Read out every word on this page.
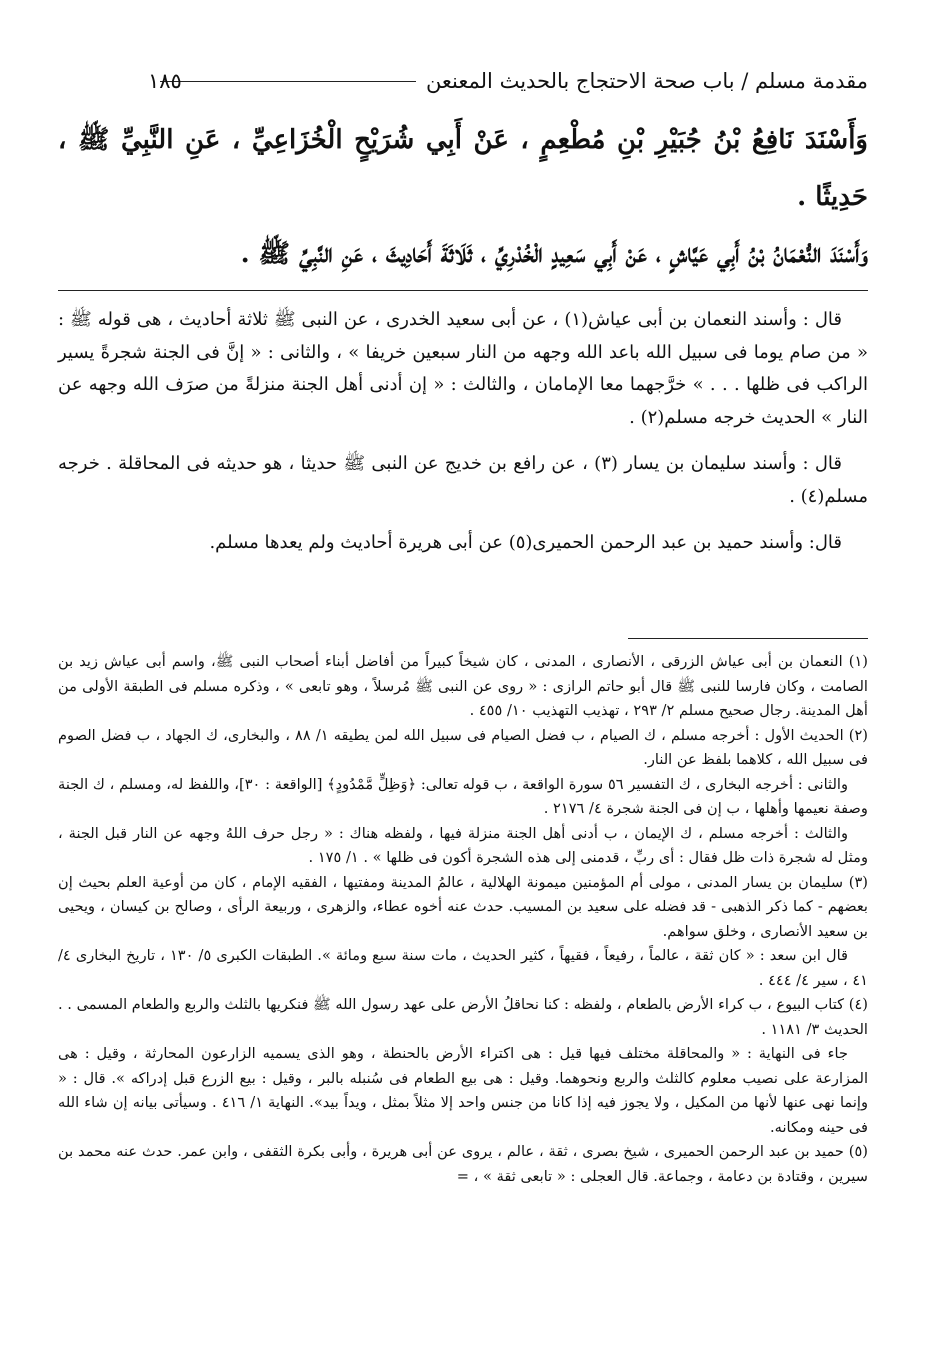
مقدمة مسلم / باب صحة الاحتجاج بالحديث المعنعن
١٨٥

وَأَسْنَدَ نَافِعُ بْنُ جُبَيْرِ بْنِ مُطْعِمٍ ، عَنْ أَبِي شُرَيْحٍ الْخُزَاعِيِّ ، عَنِ النَّبِيِّ ﷺ ، حَدِيثًا .

وَأَسْنَدَ النُّعْمَانُ بْنُ أَبِي عَيَّاشٍ ، عَنْ أَبِي سَعِيدٍ الْخُدْرِيِّ ، ثَلَاثَةَ أَحَادِيثَ ، عَنِ النَّبِيِّ ﷺ .

قال : وأسند النعمان بن أبى عياش(١) ، عن أبى سعيد الخدرى ، عن النبى ﷺ ثلاثة أحاديث ، هى قوله ﷺ : « من صام يوما فى سبيل الله باعد الله وجهه من النار سبعين خريفا » ، والثانى : « إنَّ فى الجنة شجرةً يسير الراكب فى ظلها . . . » خرَّجهما معا الإمامان ، والثالث : « إن أدنى أهل الجنة منزلةً من صرَف الله وجهه عن النار » الحديث خرجه مسلم(٢) .

قال : وأسند سليمان بن يسار (٣) ، عن رافع بن خديج عن النبى ﷺ حديثا ، هو حديثه فى المحاقلة . خرجه مسلم(٤) .

قال: وأسند حميد بن عبد الرحمن الحميرى(٥) عن أبى هريرة أحاديث ولم يعدها مسلم.

(١) النعمان بن أبى عياش الزرقى ، الأنصارى ، المدنى ، كان شيخاً كبيراً من أفاضل أبناء أصحاب النبى ﷺ، واسم أبى عياش زيد بن الصامت ، وكان فارسا للنبى ﷺ قال أبو حاتم الرازى : « روى عن النبى ﷺ مُرسلاً ، وهو تابعى » ، وذكره مسلم فى الطبقة الأولى من أهل المدينة. رجال صحيح مسلم ٢/ ٢٩٣ ، تهذيب التهذيب ١٠/ ٤٥٥ .

(٢) الحديث الأول : أخرجه مسلم ، ك الصيام ، ب فضل الصيام فى سبيل الله لمن يطيقه ١/ ٨٨ ، والبخارى، ك الجهاد ، ب فضل الصوم فى سبيل الله ، كلاهما بلفظ عن النار.

والثانى : أخرجه البخارى ، ك التفسير ٥٦ سورة الواقعة ، ب قوله تعالى: ﴿وَظِلٍّ مَّمْدُودٍ﴾ [الواقعة : ٣٠]، واللفظ له، ومسلم ، ك الجنة وصفة نعيمها وأهلها ، ب إن فى الجنة شجرة ٤/ ٢١٧٦ .

والثالث : أخرجه مسلم ، ك الإيمان ، ب أدنى أهل الجنة منزلة فيها ، ولفظه هناك : « رجل حرف اللهُ وجهه عن النار قبل الجنة ، ومثل له شجرة ذات ظل فقال : أى ربِّ ، قدمنى إلى هذه الشجرة أكون فى ظلها » . ١/ ١٧٥ .

(٣) سليمان بن يسار المدنى ، مولى أم المؤمنين ميمونة الهلالية ، عالمُ المدينة ومفتيها ، الفقيه الإمام ، كان من أوعية العلم بحيث إن بعضهم - كما ذكر الذهبى - قد فضله على سعيد بن المسيب. حدث عنه أخوه عطاء، والزهرى ، وربيعة الرأى ، وصالح بن كيسان ، ويحيى بن سعيد الأنصارى ، وخلق سواهم.

قال ابن سعد : « كان ثقة ، عالماً ، رفيعاً ، فقيهاً ، كثير الحديث ، مات سنة سبع ومائة ». الطبقات الكبرى ٥/ ١٣٠ ، تاريخ البخارى ٤/ ٤١ ، سير ٤/ ٤٤٤ .

(٤) كتاب البيوع ، ب كراء الأرض بالطعام ، ولفظه : كنا نحاقلُ الأرض على عهد رسول الله ﷺ فنكريها بالثلث والربع والطعام المسمى . . الحديث ٣/ ١١٨١ .

جاء فى النهاية : « والمحاقلة مختلف فيها قيل : هى اكتراء الأرض بالحنطة ، وهو الذى يسميه الزارعون المحارثة ، وقيل : هى المزارعة على نصيب معلوم كالثلث والربع ونحوهما. وقيل : هى بيع الطعام فى سُنبله بالبر ، وقيل : بيع الزرع قبل إدراكه ». قال : « وإنما نهى عنها لأنها من المكيل ، ولا يجوز فيه إذا كانا من جنس واحد إلا مثلاً بمثل ، ويداً بيد». النهاية ١/ ٤١٦ . وسيأتى بيانه إن شاء الله فى حينه ومكانه.

(٥) حميد بن عبد الرحمن الحميرى ، شيخ بصرى ، ثقة ، عالم ، يروى عن أبى هريرة ، وأبى بكرة الثقفى ، وابن عمر. حدث عنه محمد بن سيرين ، وقتادة بن دعامة ، وجماعة. قال العجلى : « تابعى ثقة » ، =
